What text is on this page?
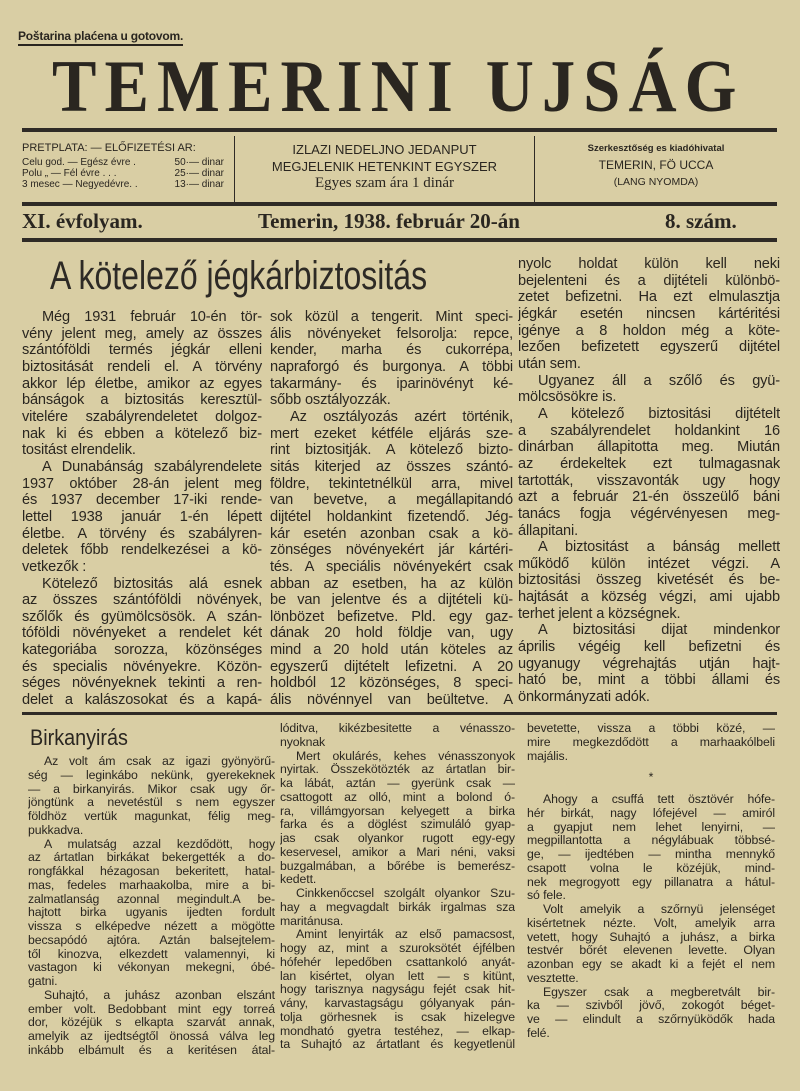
Poštarina plaćena u gotovom.
TEMERINI UJSÁG
PRETPLATA: — ELŐFIZETÉSI AR:
Celu god. — Egész évre .	50·— dinar
Polu „ — Fél évre . . .	25·— dinar
3 mesec — Negyedévre. .	13·— dinar
IZLAZI NEDELJNO JEDANPUT
MEGJELENIK HETENKINT EGYSZER
Egyes szam ára 1 dinár
Szerkesztőség es kiadóhivatal
TEMERIN, FÖ UCCA
(LANG NYOMDA)
XI. évfolyam.	Temerin, 1938. február 20-án	8. szám.
A kötelező jégkárbiztositás
Még 1931 február 10-én tör-
vény jelent meg, amely az összes
szántóföldi termés jégkár elleni
biztositását rendeli el. A törvény
akkor lép életbe, amikor az egyes
bánságok a biztositás keresztül-
vitelére szabályrendeletet dolgoz-
nak ki és ebben a kötelező biz-
tositást elrendelik.
A Dunabánság szabályrendelete
1937 október 28-án jelent meg
és 1937 december 17-iki rende-
lettel 1938 január 1-én lépett
életbe. A törvény és szabályren-
deletek főbb rendelkezései a kö-
vetkezők :
Kötelező biztositás alá esnek
az összes szántóföldi növények,
szőlők és gyümölcsösök. A szán-
tóföldi növényeket a rendelet két
kategoriába sorozza, közönséges
és specialis növényekre. Közön-
séges növényeknek tekinti a ren-
delet a kalászosokat és a kapá-
sok közül a tengerit. Mint speci-
ális növényeket felsorolja: repce,
kender, marha és cukorrépa,
napraforgó és burgonya. A többi
takarmány- és iparinövényt ké-
sőbb osztályozzák.
Az osztályozás azért történik,
mert ezeket kétféle eljárás sze-
rint biztositják. A kötelező bizto-
sitás kiterjed az összes szántó-
földre, tekintetnélkül arra, mivel
van bevetve, a megállapitandó
dijtétel holdankint fizetendő. Jég-
kár esetén azonban csak a kö-
zönséges növényekért jár kártéri-
tés. A speciális növényekért csak
abban az esetben, ha az külön
be van jelentve és a dijtételi kü-
lönbözet befizetve. Pld. egy gaz-
dának 20 hold földje van, ugy
mind a 20 hold után köteles az
egyszerű dijtételt lefizetni. A 20
holdból 12 közönséges, 8 speci-
ális növénnyel van beültetve. A
nyolc holdat külön kell neki
bejelenteni és a dijtételi különbö-
zetet befizetni. Ha ezt elmulasztja
jégkár esetén nincsen kártéritési
igénye a 8 holdon még a köte-
lezően befizetett egyszerű dijtétel
után sem.
Ugyanez áll a szőlő és gyü-
mölcsösökre is.
A kötelező biztositási dijtételt
a szabályrendelet holdankint 16
dinárban állapitotta meg. Miután
az érdekeltek ezt tulmagasnak
tartották, visszavonták ugy hogy
azt a február 21-én összeülő báni
tanács fogja végérvényesen meg-
állapitani.
A biztositást a bánság mellett
működő külön intézet végzi. A
biztositási összeg kivetését és be-
hajtását a község végzi, ami ujabb
terhet jelent a községnek.
A biztositási dijat mindenkor
április végéig kell befizetni és
ugyanugy végrehajtás utján hajt-
ható be, mint a többi állami és
önkormányzati adók.
Birkanyirás
Az volt ám csak az igazi gyönyörű-
ség — leginkábo nekünk, gyerekeknek
— a birkanyirás. Mikor csak ugy őr-
jöngtünk a nevetéstül s nem egyszer
földhöz vertük magunkat, félig meg-
pukkadva.
A mulatság azzal kezdődött, hogy
az ártatlan birkákat bekergették a do-
rongfákkal hézagosan bekeritett, hatal-
mas, fedeles marhaakolba, mire a bi-
zalmatlanság azonnal megindult.A be-
hajtott birka ugyanis ijedten fordult
vissza s elképedve nézett a mögötte
becsapódó ajtóra. Aztán balsejtelem-
től kinozva, elkezdett valamennyi, ki
vastagon ki vékonyan mekegni, óbé-
gatni.
Suhajtó, a juhász azonban elszánt
ember volt. Bedobbant mint egy torreá
dor, közéjük s elkapta szarvát annak,
amelyik az ijedtségtől önossá válva leg
inkább elbámult és a keritésen átal-
lóditva, kikézbesitette a vénasszo-
nyoknak
Mert okulárés, kehes vénasszonyok
nyirtak. Összekötözték az ártatlan bir-
ka lábát, aztán — gyerünk csak —
csattogott az olló, mint a bolond ó-
ra, villámgyorsan kelyegett a birka
farka és a döglést szimuláló gyap-
jas csak olyankor rugott egy-egy
keservesel, amikor a Mari néni, vaksi
buzgalmában, a bőrébe is bemerész-
kedett.
Cinkkenőccsel szolgált olyankor Szu-
hay a megvagdalt birkák irgalmas sza
maritánusa.
Amint lenyirták az első pamacsost,
hogy az, mint a szuroksötét éjfélben
hófehér lepedőben csattankoló anyát-
lan kisértet, olyan lett — s kitünt,
hogy tarisznya nagyságu fejét csak hit-
vány, karvastagságu gólyanyak pán-
tolja görhesnek is csak hizelegve
mondható gyetra testéhez, — elkap-
ta Suhajtó az ártatlant és kegyetlenül
bevetette, vissza a többi közé, —
mire megkezdődött a marhaakólbeli
majális.
*
Ahogy a csuffá tett ösztövér hófe-
hér birkát, nagy lófejével — amiról
a gyapjut nem lehet lenyirni, —
megpillantotta a négylábuak többsé-
ge, — ijedtében — mintha mennykő
csapott volna le közéjük, mind-
nek megrogyott egy pillanatra a hátul-
só fele.
Volt amelyik a szőrnyü jelenséget
kisértetnek nézte. Volt, amelyik arra
vetett, hogy Suhajtó a juhász, a birka
testvér bőrét elevenen levette. Olyan
azonban egy se akadt ki a fejét el nem
vesztette.
Egyszer csak a megberetvált bir-
ka — szivből jövő, zokogót béget-
ve — elindult a szőrnyüködők hada
felé.
